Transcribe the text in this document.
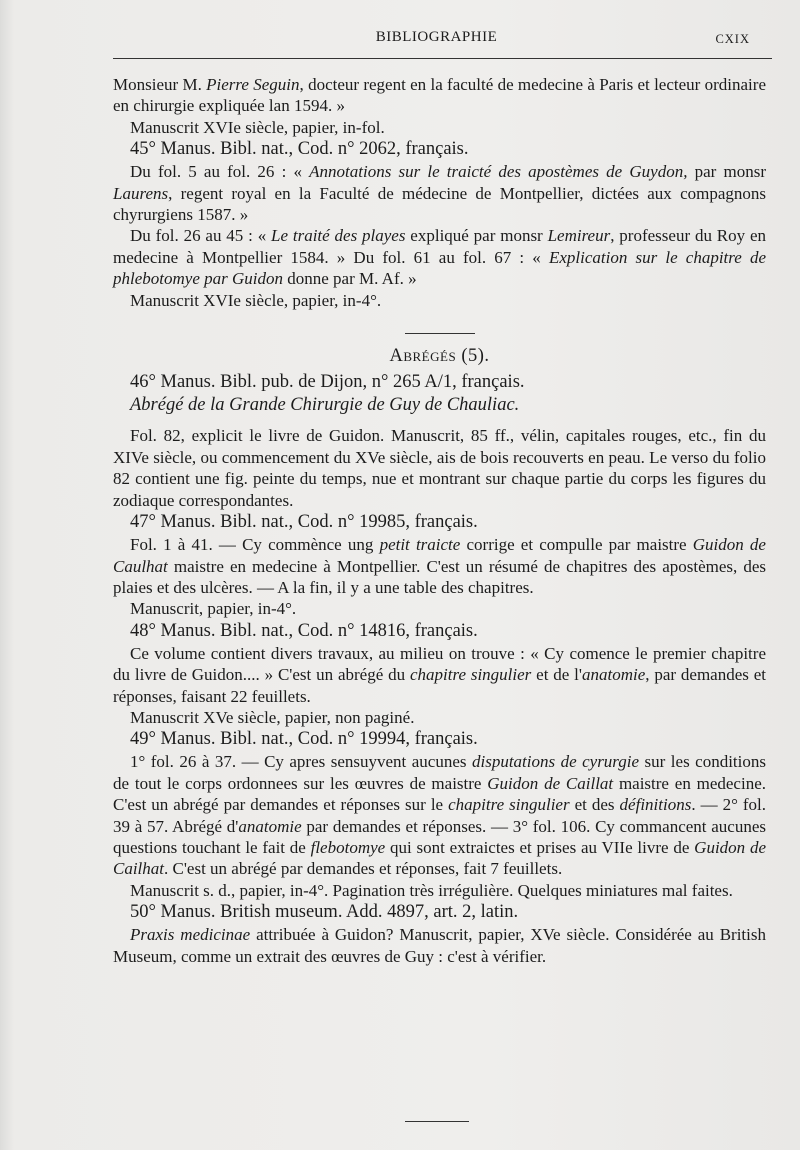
BIBLIOGRAPHIE	CXIX

Monsieur M. Pierre Seguin, docteur regent en la faculté de medecine à Paris et lecteur ordinaire en chirurgie expliquée lan 1594. »

Manuscrit XVIe siècle, papier, in-fol.

45° Manus. Bibl. nat., Cod. n° 2062, français.

Du fol. 5 au fol. 26 : « Annotations sur le traicté des apostèmes de Guydon, par monsr Laurens, regent royal en la Faculté de médecine de Montpellier, dictées aux compagnons chyrurgiens 1587. »

Du fol. 26 au 45 : « Le traité des playes expliqué par monsr Lemireur, professeur du Roy en medecine à Montpellier 1584. » Du fol. 61 au fol. 67 : « Explication sur le chapitre de phlebotomye par Guidon donne par M. Af. »

Manuscrit XVIe siècle, papier, in-4°.

Abrégés (5).

46° Manus. Bibl. pub. de Dijon, n° 265 A/1, français.

Abrégé de la Grande Chirurgie de Guy de Chauliac.

Fol. 82, explicit le livre de Guidon. Manuscrit, 85 ff., vélin, capitales rouges, etc., fin du XIVe siècle, ou commencement du XVe siècle, ais de bois recouverts en peau. Le verso du folio 82 contient une fig. peinte du temps, nue et montrant sur chaque partie du corps les figures du zodiaque correspondantes.

47° Manus. Bibl. nat., Cod. n° 19985, français.

Fol. 1 à 41. — Cy commènce ung petit traicte corrige et compulle par maistre Guidon de Caulhat maistre en medecine à Montpellier. C'est un résumé de chapitres des apostèmes, des plaies et des ulcères. — A la fin, il y a une table des chapitres.

Manuscrit, papier, in-4°.

48° Manus. Bibl. nat., Cod. n° 14816, français.

Ce volume contient divers travaux, au milieu on trouve : « Cy comence le premier chapitre du livre de Guidon.... » C'est un abrégé du chapitre singulier et de l'anatomie, par demandes et réponses, faisant 22 feuillets.

Manuscrit XVe siècle, papier, non paginé.

49° Manus. Bibl. nat., Cod. n° 19994, français.

1° fol. 26 à 37. — Cy apres sensuyvent aucunes disputations de cyrurgie sur les conditions de tout le corps ordonnees sur les œuvres de maistre Guidon de Caillat maistre en medecine. C'est un abrégé par demandes et réponses sur le chapitre singulier et des définitions. — 2° fol. 39 à 57. Abrégé d'anatomie par demandes et réponses. — 3° fol. 106. Cy commancent aucunes questions touchant le fait de flebotomye qui sont extraictes et prises au VIIe livre de Guidon de Cailhat. C'est un abrégé par demandes et réponses, fait 7 feuillets.

Manuscrit s. d., papier, in-4°. Pagination très irrégulière. Quelques miniatures mal faites.

50° Manus. British museum. Add. 4897, art. 2, latin.

Praxis medicinae attribuée à Guidon? Manuscrit, papier, XVe siècle. Considérée au British Museum, comme un extrait des œuvres de Guy : c'est à vérifier.
